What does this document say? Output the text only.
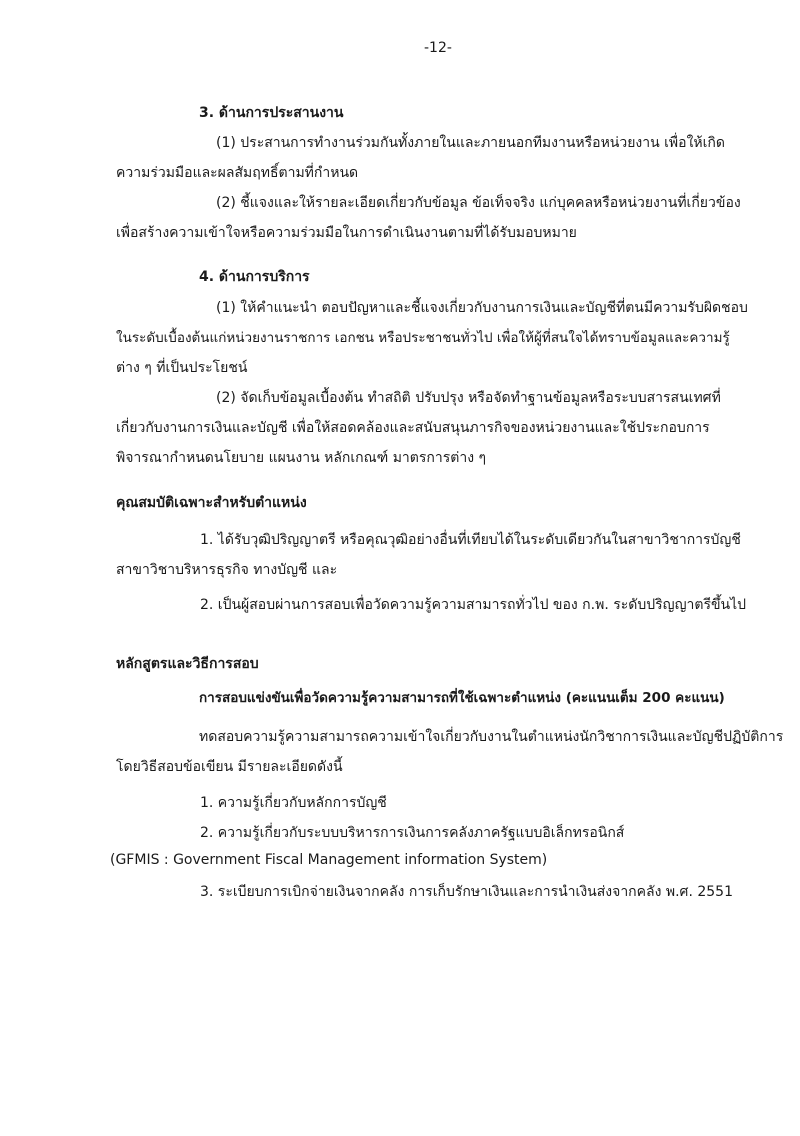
-12-
3. ด้านการประสานงาน
(1) ประสานการทำงานร่วมกันทั้งภายในและภายนอกทีมงานหรือหน่วยงาน เพื่อให้เกิด
ความร่วมมือและผลสัมฤทธิ์ตามที่กำหนด
(2) ชี้แจงและให้รายละเอียดเกี่ยวกับข้อมูล ข้อเท็จจริง แก่บุคคลหรือหน่วยงานที่เกี่ยวข้อง
เพื่อสร้างความเข้าใจหรือความร่วมมือในการดำเนินงานตามที่ได้รับมอบหมาย
4. ด้านการบริการ
(1) ให้คำแนะนำ ตอบปัญหาและชี้แจงเกี่ยวกับงานการเงินและบัญชีที่ตนมีความรับผิดชอบ
ในระดับเบื้องต้นแก่หน่วยงานราชการ เอกชน หรือประชาชนทั่วไป เพื่อให้ผู้ที่สนใจได้ทราบข้อมูลและความรู้
ต่าง ๆ ที่เป็นประโยชน์
(2) จัดเก็บข้อมูลเบื้องต้น ทำสถิติ ปรับปรุง หรือจัดทำฐานข้อมูลหรือระบบสารสนเทศที่
เกี่ยวกับงานการเงินและบัญชี เพื่อให้สอดคล้องและสนับสนุนภารกิจของหน่วยงานและใช้ประกอบการ
พิจารณากำหนดนโยบาย แผนงาน หลักเกณฑ์ มาตรการต่าง ๆ
คุณสมบัติเฉพาะสำหรับตำแหน่ง
1. ได้รับวุฒิปริญญาตรี หรือคุณวุฒิอย่างอื่นที่เทียบได้ในระดับเดียวกันในสาขาวิชาการบัญชี
สาขาวิชาบริหารธุรกิจ ทางบัญชี และ
2. เป็นผู้สอบผ่านการสอบเพื่อวัดความรู้ความสามารถทั่วไป ของ ก.พ. ระดับปริญญาตรีขึ้นไป
หลักสูตรและวิธีการสอบ
การสอบแข่งขันเพื่อวัดความรู้ความสามารถที่ใช้เฉพาะตำแหน่ง (คะแนนเต็ม 200 คะแนน)
ทดสอบความรู้ความสามารถความเข้าใจเกี่ยวกับงานในตำแหน่งนักวิชาการเงินและบัญชีปฏิบัติการ
โดยวิธีสอบข้อเขียน มีรายละเอียดดังนี้
1. ความรู้เกี่ยวกับหลักการบัญชี
2. ความรู้เกี่ยวกับระบบบริหารการเงินการคลังภาครัฐแบบอิเล็กทรอนิกส์
(GFMIS : Government Fiscal Management information System)
3. ระเบียบการเบิกจ่ายเงินจากคลัง การเก็บรักษาเงินและการนำเงินส่งจากคลัง พ.ศ. 2551
